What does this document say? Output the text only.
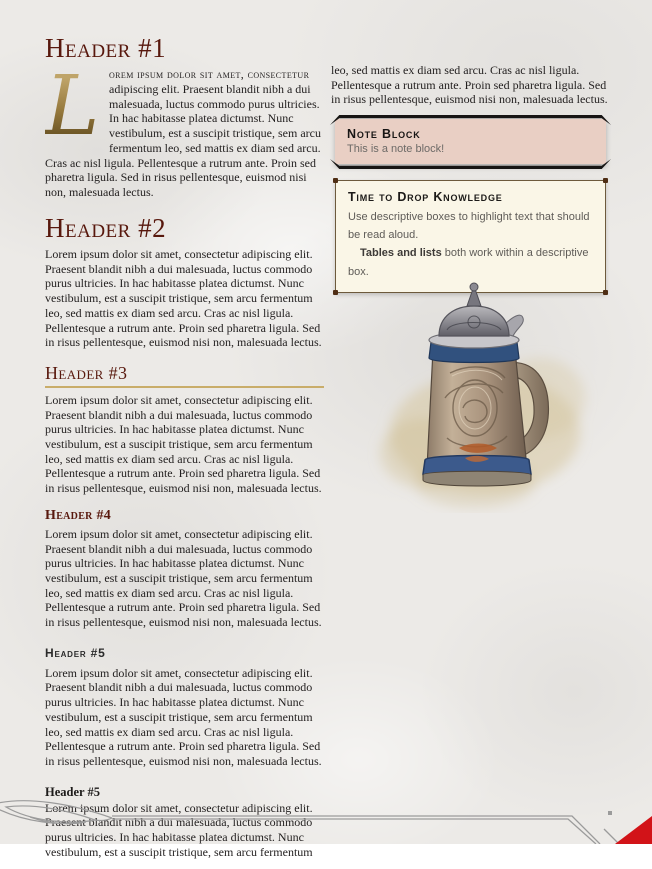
Header #1

L orem ipsum dolor sit amet, consectetur adipiscing elit. Praesent blandit nibh a dui malesuada, luctus commodo purus ultricies. In hac habitasse platea dictumst. Nunc vestibulum, est a suscipit tristique, sem arcu fermentum leo, sed mattis ex diam sed arcu. Cras ac nisl ligula. Pellentesque a rutrum ante. Proin sed pharetra ligula. Sed in risus pellentesque, euismod nisi non, malesuada lectus.

Header #2

Lorem ipsum dolor sit amet, consectetur adipiscing elit. Praesent blandit nibh a dui malesuada, luctus commodo purus ultricies. In hac habitasse platea dictumst. Nunc vestibulum, est a suscipit tristique, sem arcu fermentum leo, sed mattis ex diam sed arcu. Cras ac nisl ligula. Pellentesque a rutrum ante. Proin sed pharetra ligula. Sed in risus pellentesque, euismod nisi non, malesuada lectus.

Header #3

Lorem ipsum dolor sit amet, consectetur adipiscing elit. Praesent blandit nibh a dui malesuada, luctus commodo purus ultricies. In hac habitasse platea dictumst. Nunc vestibulum, est a suscipit tristique, sem arcu fermentum leo, sed mattis ex diam sed arcu. Cras ac nisl ligula. Pellentesque a rutrum ante. Proin sed pharetra ligula. Sed in risus pellentesque, euismod nisi non, malesuada lectus.

Header #4

Lorem ipsum dolor sit amet, consectetur adipiscing elit. Praesent blandit nibh a dui malesuada, luctus commodo purus ultricies. In hac habitasse platea dictumst. Nunc vestibulum, est a suscipit tristique, sem arcu fermentum leo, sed mattis ex diam sed arcu. Cras ac nisl ligula. Pellentesque a rutrum ante. Proin sed pharetra ligula. Sed in risus pellentesque, euismod nisi non, malesuada lectus.

Header #5

Lorem ipsum dolor sit amet, consectetur adipiscing elit. Praesent blandit nibh a dui malesuada, luctus commodo purus ultricies. In hac habitasse platea dictumst. Nunc vestibulum, est a suscipit tristique, sem arcu fermentum leo, sed mattis ex diam sed arcu. Cras ac nisl ligula. Pellentesque a rutrum ante. Proin sed pharetra ligula. Sed in risus pellentesque, euismod nisi non, malesuada lectus.

Header #5

Lorem ipsum dolor sit amet, consectetur adipiscing elit. Praesent blandit nibh a dui malesuada, luctus commodo purus ultricies. In hac habitasse platea dictumst. Nunc vestibulum, est a suscipit tristique, sem arcu fermentum

leo, sed mattis ex diam sed arcu. Cras ac nisl ligula. Pellentesque a rutrum ante. Proin sed pharetra ligula. Sed in risus pellentesque, euismod nisi non, malesuada lectus.

Note Block
This is a note block!
Time to Drop Knowledge
Use descriptive boxes to highlight text that should be read aloud.
Tables and lists both work within a descriptive box.
